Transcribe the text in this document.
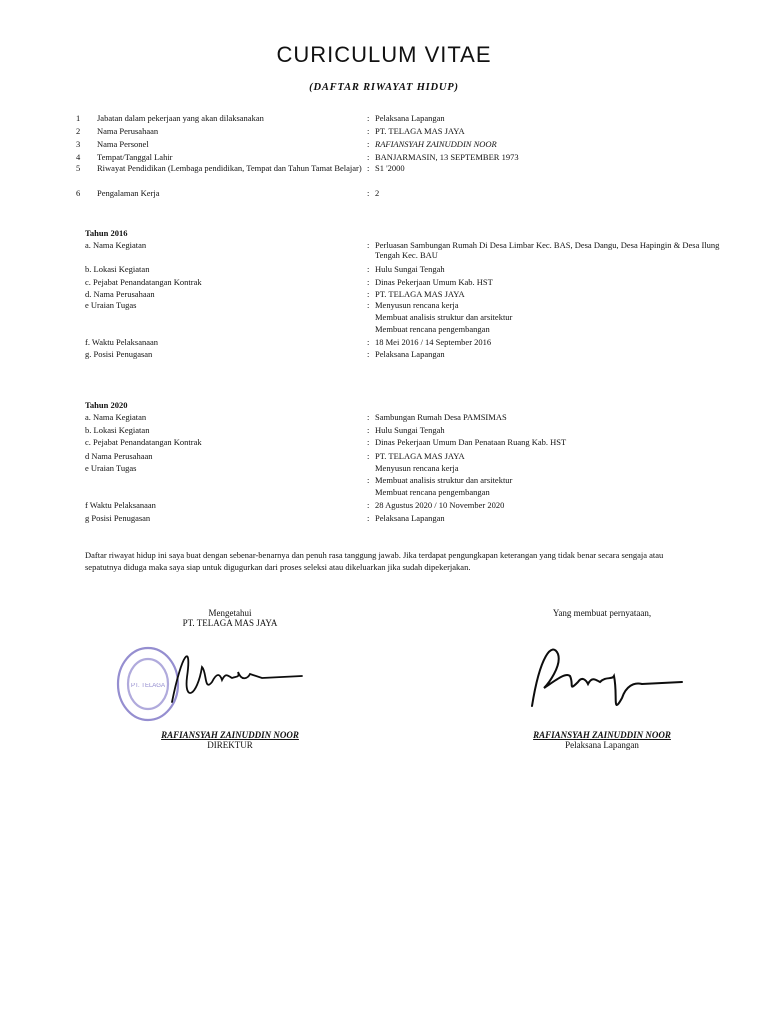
CURICULUM VITAE
(DAFTAR RIWAYAT HIDUP)
1 Jabatan dalam pekerjaan yang akan dilaksanakan	: Pelaksana Lapangan
2 Nama Perusahaan	: PT. TELAGA MAS JAYA
3 Nama Personel	: RAFIANSYAH ZAINUDDIN NOOR
4 Tempat/Tanggal Lahir	: BANJARMASIN, 13 SEPTEMBER 1973
5 Riwayat Pendidikan (Lembaga pendidikan, Tempat dan Tahun Tamat Belajar) : S1 '2000
6 Pengalaman Kerja	: 2
Tahun 2016
a. Nama Kegiatan	: Perluasan Sambungan Rumah Di Desa Limbar Kec. BAS, Desa Dangu, Desa Hapingin & Desa Ilung Tengah Kec. BAU
b. Lokasi Kegiatan	: Hulu Sungai Tengah
c. Pejabat Penandatangan Kontrak	: Dinas Pekerjaan Umum Kab. HST
d. Nama Perusahaan	: PT. TELAGA MAS JAYA
e Uraian Tugas	: Menyusun rencana kerja
Membuat analisis struktur dan arsitektur
Membuat rencana pengembangan
f. Waktu Pelaksanaan	: 18 Mei 2016 / 14 September 2016
g. Posisi Penugasan	: Pelaksana Lapangan
Tahun 2020
a. Nama Kegiatan	: Sambungan Rumah Desa PAMSIMAS
b. Lokasi Kegiatan	: Hulu Sungai Tengah
c. Pejabat Penandatangan Kontrak	: Dinas Pekerjaan Umum Dan Penataan Ruang Kab. HST
d Nama Perusahaan	: PT. TELAGA MAS JAYA
e Uraian Tugas	Menyusun rencana kerja
: Membuat analisis struktur dan arsitektur
Membuat rencana pengembangan
f Waktu Pelaksanaan	: 28 Agustus 2020 / 10 November 2020
g Posisi Penugasan	: Pelaksana Lapangan
Daftar riwayat hidup ini saya buat dengan sebenar-benarnya dan penuh rasa tanggung jawab. Jika terdapat pengungkapan keterangan yang tidak benar secara sengaja atau sepatutnya diduga maka saya siap untuk digugurkan dari proses seleksi atau dikeluarkan jika sudah dipekerjakan.
Mengetahui
PT. TELAGA MAS JAYA
PT. TELAGA
RAFIANSYAH ZAINUDDIN NOOR
DIREKTUR
Yang membuat pernyataan,
RAFIANSYAH ZAINUDDIN NOOR
Pelaksana Lapangan
